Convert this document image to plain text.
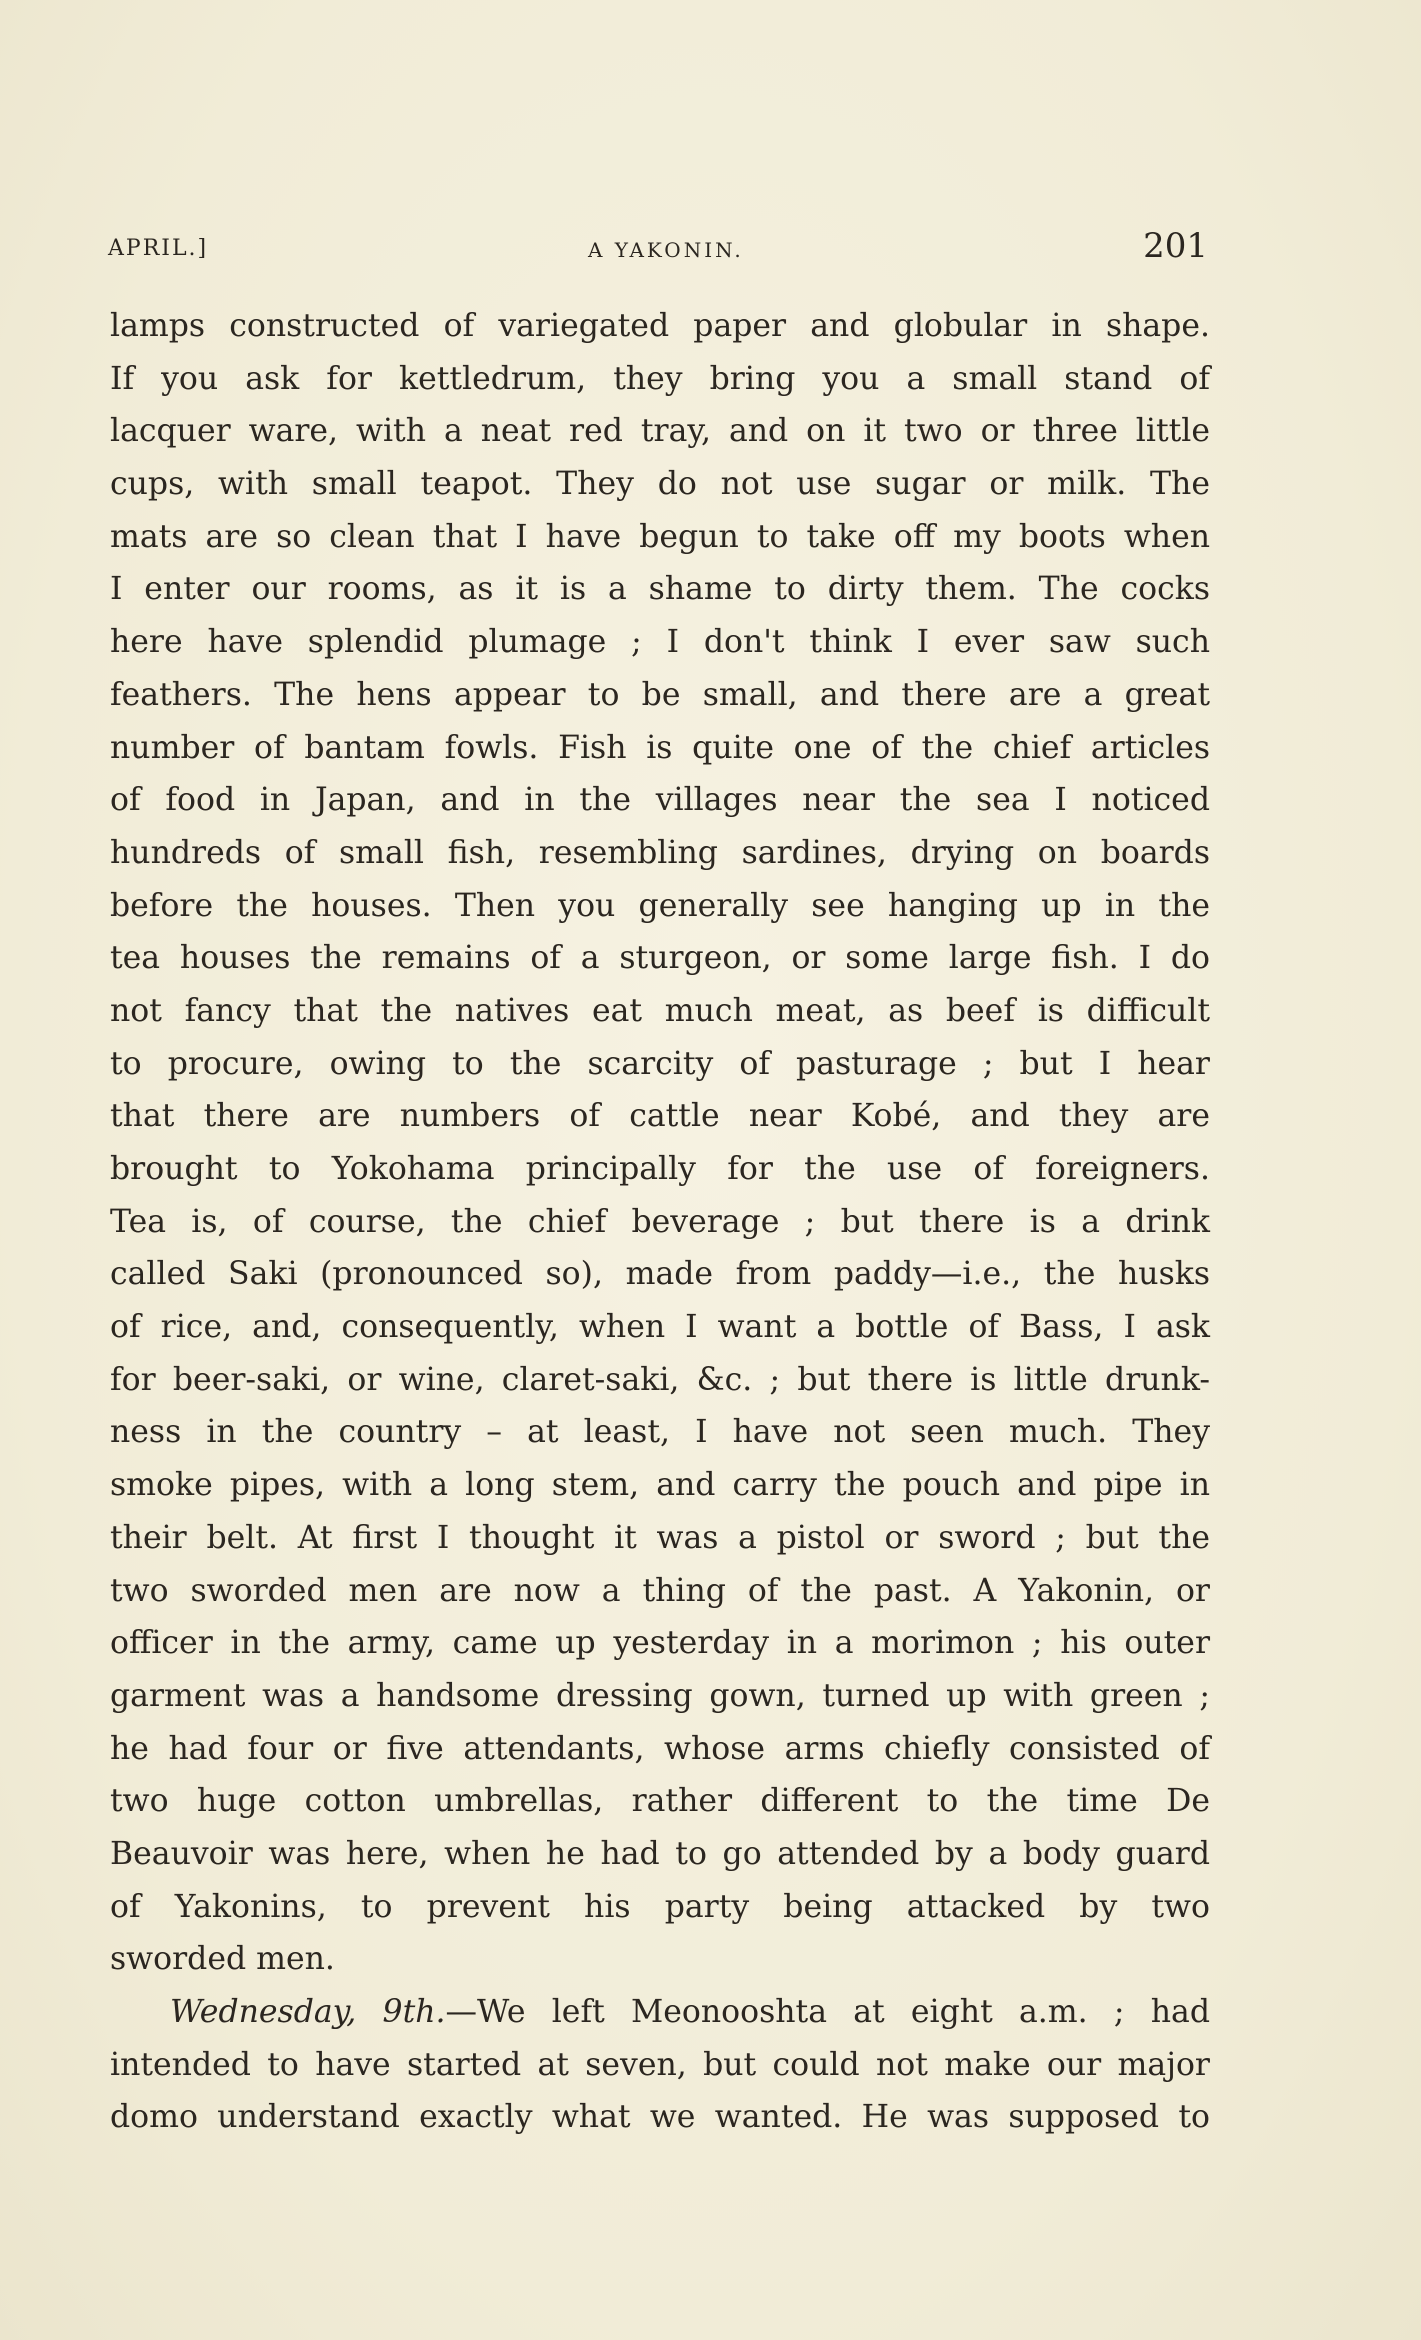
APRIL.]	A YAKONIN.	201
lamps constructed of variegated paper and globular in shape.
If you ask for kettledrum, they bring you a small stand of
lacquer ware, with a neat red tray, and on it two or three little
cups, with small teapot. They do not use sugar or milk. The
mats are so clean that I have begun to take off my boots when
I enter our rooms, as it is a shame to dirty them. The cocks
here have splendid plumage ; I don't think I ever saw such
feathers. The hens appear to be small, and there are a great
number of bantam fowls. Fish is quite one of the chief articles
of food in Japan, and in the villages near the sea I noticed
hundreds of small fish, resembling sardines, drying on boards
before the houses. Then you generally see hanging up in the
tea houses the remains of a sturgeon, or some large fish. I do
not fancy that the natives eat much meat, as beef is difficult
to procure, owing to the scarcity of pasturage ; but I hear
that there are numbers of cattle near Kobé, and they are
brought to Yokohama principally for the use of foreigners.
Tea is, of course, the chief beverage ; but there is a drink
called Saki (pronounced so), made from paddy—i.e., the husks
of rice, and, consequently, when I want a bottle of Bass, I ask
for beer-saki, or wine, claret-saki, &c. ; but there is little drunk-
ness in the country – at least, I have not seen much. They
smoke pipes, with a long stem, and carry the pouch and pipe in
their belt. At first I thought it was a pistol or sword ; but the
two sworded men are now a thing of the past. A Yakonin, or
officer in the army, came up yesterday in a morimon ; his outer
garment was a handsome dressing gown, turned up with green ;
he had four or five attendants, whose arms chiefly consisted of
two huge cotton umbrellas, rather different to the time De
Beauvoir was here, when he had to go attended by a body guard
of Yakonins, to prevent his party being attacked by two
sworded men.
Wednesday, 9th.—We left Meonooshta at eight a.m. ; had
intended to have started at seven, but could not make our major
domo understand exactly what we wanted. He was supposed to
